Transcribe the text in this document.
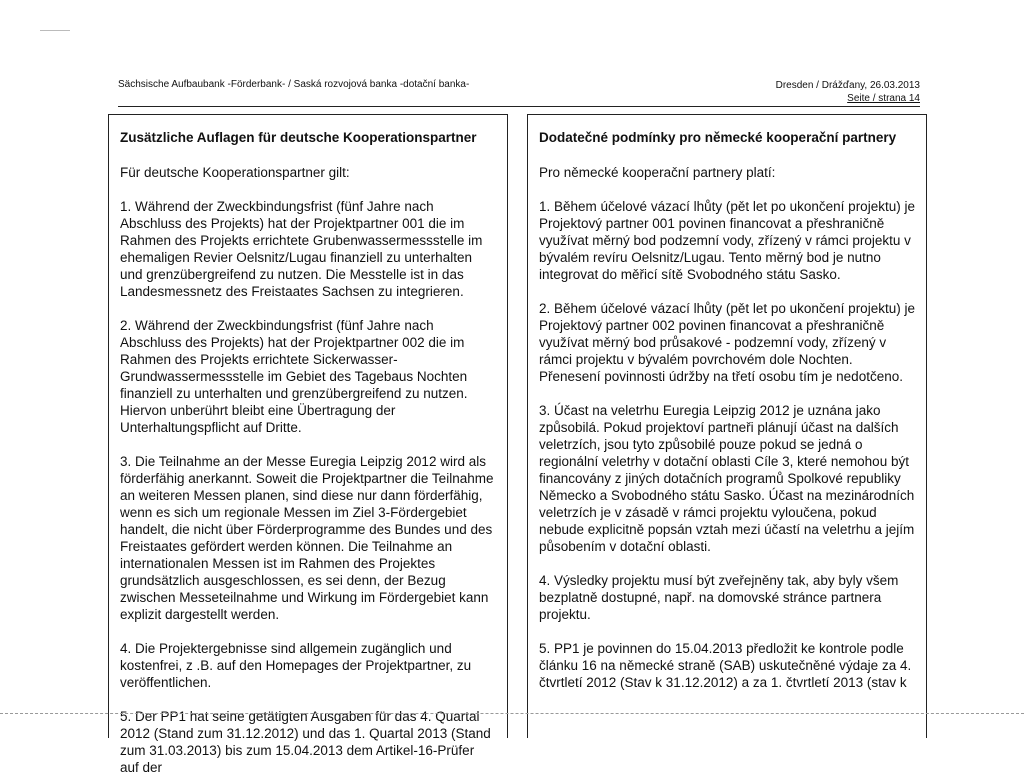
Sächsische Aufbaubank -Förderbank- / Saská rozvojová banka -dotační banka-	Dresden / Drážďany, 26.03.2013
Seite / strana 14
Zusätzliche Auflagen für deutsche Kooperationspartner

Für deutsche Kooperationspartner gilt:

1. Während der Zweckbindungsfrist (fünf Jahre nach Abschluss des Projekts) hat der Projektpartner 001 die im Rahmen des Projekts errichtete Grubenwassermessstelle im ehemaligen Revier Oelsnitz/Lugau finanziell zu unterhalten und grenzübergreifend zu nutzen. Die Messtelle ist in das Landesmessnetz des Freistaates Sachsen zu integrieren.

2. Während der Zweckbindungsfrist (fünf Jahre nach Abschluss des Projekts) hat der Projektpartner 002 die im Rahmen des Projekts errichtete Sickerwasser-Grundwassermessstelle im Gebiet des Tagebaus Nochten finanziell zu unterhalten und grenzübergreifend zu nutzen. Hiervon unberührt bleibt eine Übertragung der Unterhaltungspflicht auf Dritte.

3. Die Teilnahme an der Messe Euregia Leipzig 2012 wird als förderfähig anerkannt. Soweit die Projektpartner die Teilnahme an weiteren Messen planen, sind diese nur dann förderfähig, wenn es sich um regionale Messen im Ziel 3-Fördergebiet handelt, die nicht über Förderprogramme des Bundes und des Freistaates gefördert werden können. Die Teilnahme an internationalen Messen ist im Rahmen des Projektes grundsätzlich ausgeschlossen, es sei denn, der Bezug zwischen Messeteilnahme und Wirkung im Fördergebiet kann explizit dargestellt werden.

4. Die Projektergebnisse sind allgemein zugänglich und kostenfrei, z .B. auf den Homepages der Projektpartner, zu veröffentlichen.

5. Der PP1 hat seine getätigten Ausgaben für das 4. Quartal 2012 (Stand zum 31.12.2012) und das 1. Quartal 2013 (Stand zum 31.03.2013) bis zum 15.04.2013 dem Artikel-16-Prüfer auf der

Dodatečné podmínky pro německé kooperační partnery

Pro německé kooperační partnery platí:

1. Během účelové vázací lhůty (pět let po ukončení projektu) je Projektový partner 001 povinen financovat a přeshraničně využívat měrný bod podzemní vody, zřízený v rámci projektu v bývalém revíru Oelsnitz/Lugau. Tento měrný bod je nutno integrovat do měřicí sítě Svobodného státu Sasko.

2. Během účelové vázací lhůty (pět let po ukončení projektu) je Projektový partner 002 povinen financovat a přeshraničně využívat měrný bod průsakové - podzemní vody, zřízený v rámci projektu v bývalém povrchovém dole Nochten. Přenesení povinnosti údržby na třetí osobu tím je nedotčeno.

3. Účast na veletrhu Euregia Leipzig 2012 je uznána jako způsobilá. Pokud projektoví partneři plánují účast na dalších veletrzích, jsou tyto způsobilé pouze pokud se jedná o regionální veletrhy v dotační oblasti Cíle 3, které nemohou být financovány z jiných dotačních programů Spolkové republiky Německo a Svobodného státu Sasko. Účast na mezinárodních veletrzích je v zásadě v rámci projektu vyloučena, pokud nebude explicitně popsán vztah mezi účastí na veletrhu a jejím působením v dotační oblasti.

4. Výsledky projektu musí být zveřejněny tak, aby byly všem bezplatně dostupné, např. na domovské stránce partnera projektu.

5. PP1 je povinnen do 15.04.2013 předložit ke kontrole podle článku 16 na německé straně (SAB) uskutečněné výdaje za 4. čtvrtletí 2012 (Stav k 31.12.2012) a za 1. čtvrtletí 2013 (stav k
